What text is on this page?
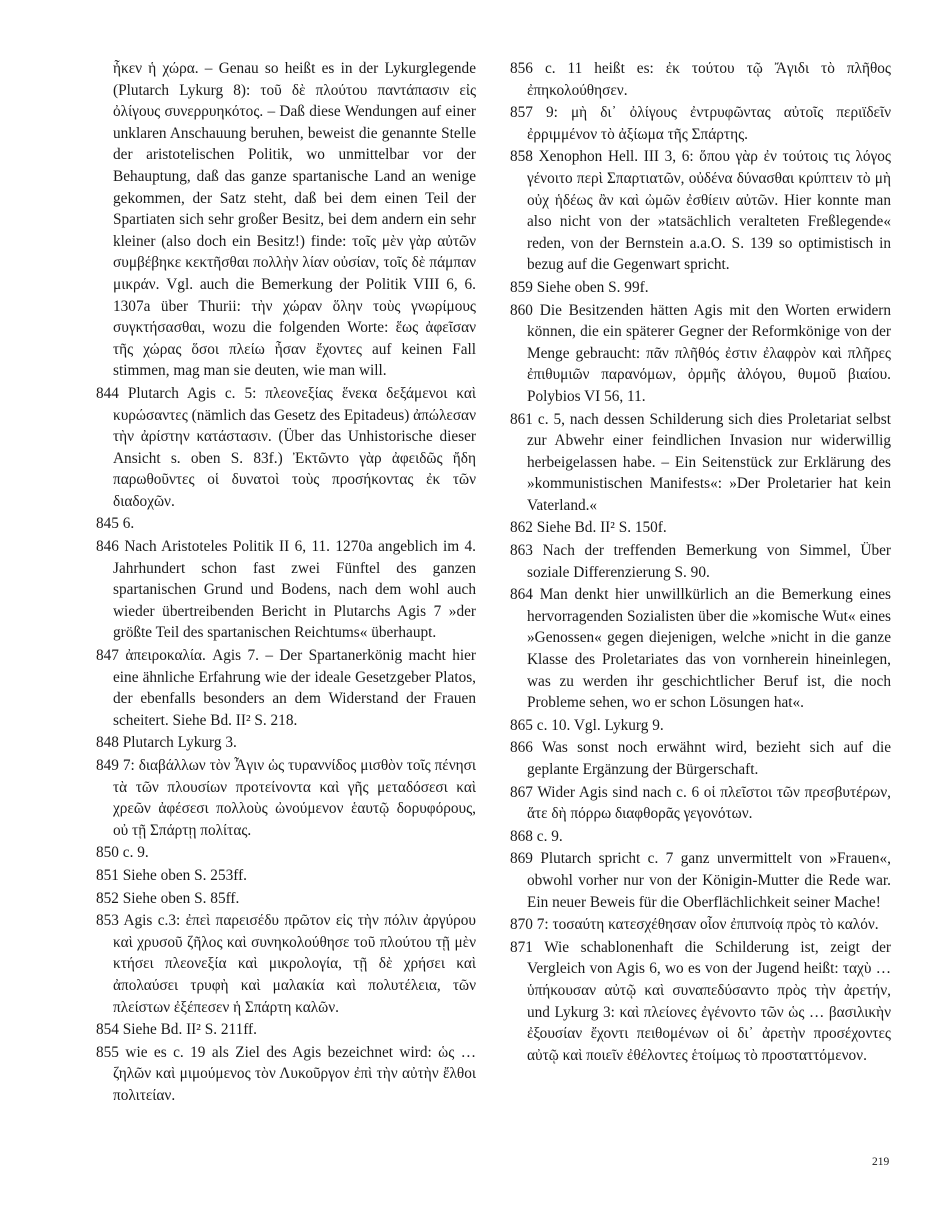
ἧκεν ἡ χώρα. – Genau so heißt es in der Lykurglegende (Plutarch Lykurg 8): τοῦ δὲ πλούτου παντάπασιν εἰς ὀλίγους συνερρυηκότος. – Daß diese Wendungen auf einer unklaren Anschauung beruhen, beweist die genannte Stelle der aristotelischen Politik, wo unmittelbar vor der Behauptung, daß das ganze spartanische Land an wenige gekommen, der Satz steht, daß bei dem einen Teil der Spartiaten sich sehr großer Besitz, bei dem andern ein sehr kleiner (also doch ein Besitz!) finde: τοῖς μὲν γὰρ αὐτῶν συμβέβηκε κεκτῆσθαι πολλὴν λίαν οὐσίαν, τοῖς δὲ πάμπαν μικράν. Vgl. auch die Bemerkung der Politik VIII 6, 6. 1307a über Thurii: τὴν χώραν ὅλην τοὺς γνωρίμους συγκτήσασθαι, wozu die folgenden Worte: ἕως ἀφεῖσαν τῆς χώρας ὅσοι πλείω ἦσαν ἔχοντες auf keinen Fall stimmen, mag man sie deuten, wie man will.

844 Plutarch Agis c. 5: πλεονεξίας ἕνεκα δεξάμενοι καὶ κυρώσαντες (nämlich das Gesetz des Epitadeus) ἀπώλεσαν τὴν ἀρίστην κατάστασιν. (Über das Unhistorische dieser Ansicht s. oben S. 83f.) Ἐκτῶντο γὰρ ἀφειδῶς ἤδη παρωθοῦντες οἱ δυνατοὶ τοὺς προσήκοντας ἐκ τῶν διαδοχῶν.

845 6.

846 Nach Aristoteles Politik II 6, 11. 1270a angeblich im 4. Jahrhundert schon fast zwei Fünftel des ganzen spartanischen Grund und Bodens, nach dem wohl auch wieder übertreibenden Bericht in Plutarchs Agis 7 »der größte Teil des spartanischen Reichtums« überhaupt.

847 ἀπειροκαλία. Agis 7. – Der Spartanerkönig macht hier eine ähnliche Erfahrung wie der ideale Gesetzgeber Platos, der ebenfalls besonders an dem Widerstand der Frauen scheitert. Siehe Bd. II² S. 218.

848 Plutarch Lykurg 3.

849 7: διαβάλλων τὸν Ἆγιν ὡς τυραννίδος μισθὸν τοῖς πένησι τὰ τῶν πλουσίων προτείνοντα καὶ γῆς μεταδόσεσι καὶ χρεῶν ἀφέσεσι πολλοὺς ὠνούμενον ἑαυτῷ δορυφόρους, οὐ τῇ Σπάρτῃ πολίτας.

850 c. 9.

851 Siehe oben S. 253ff.

852 Siehe oben S. 85ff.

853 Agis c.3: ἐπεὶ παρεισέδυ πρῶτον εἰς τὴν πόλιν ἀργύρου καὶ χρυσοῦ ζῆλος καὶ συνηκολούθησε τοῦ πλούτου τῇ μὲν κτήσει πλεονεξία καὶ μικρολογία, τῇ δὲ χρήσει καὶ ἀπολαύσει τρυφὴ καὶ μαλακία καὶ πολυτέλεια, τῶν πλείστων ἐξέπεσεν ἡ Σπάρτη καλῶν.

854 Siehe Bd. II² S. 211ff.

855 wie es c. 19 als Ziel des Agis bezeichnet wird: ὡς … ζηλῶν καὶ μιμούμενος τὸν Λυκοῦργον ἐπὶ τὴν αὐτὴν ἔλθοι πολιτείαν.

856 c. 11 heißt es: ἐκ τούτου τῷ Ἄγιδι τὸ πλῆθος ἐπηκολούθησεν.

857 9: μὴ δι᾿ ὀλίγους ἐντρυφῶντας αὐτοῖς περιϊδεῖν ἐρριμμένον τὸ ἀξίωμα τῆς Σπάρτης.

858 Xenophon Hell. III 3, 6: ὅπου γὰρ ἐν τούτοις τις λόγος γένοιτο περὶ Σπαρτιατῶν, οὐδένα δύνασθαι κρύπτειν τὸ μὴ οὐχ ἡδέως ἂν καὶ ὠμῶν ἐσθίειν αὐτῶν. Hier konnte man also nicht von der »tatsächlich veralteten Freßlegende« reden, von der Bernstein a.a.O. S. 139 so optimistisch in bezug auf die Gegenwart spricht.

859 Siehe oben S. 99f.

860 Die Besitzenden hätten Agis mit den Worten erwidern können, die ein späterer Gegner der Reformkönige von der Menge gebraucht: πᾶν πλῆθός ἐστιν ἐλαφρὸν καὶ πλῆρες ἐπιθυμιῶν παρανόμων, ὀρμῆς ἀλόγου, θυμοῦ βιαίου. Polybios VI 56, 11.

861 c. 5, nach dessen Schilderung sich dies Proletariat selbst zur Abwehr einer feindlichen Invasion nur widerwillig herbeigelassen habe. – Ein Seitenstück zur Erklärung des »kommunistischen Manifests«: »Der Proletarier hat kein Vaterland.«

862 Siehe Bd. II² S. 150f.

863 Nach der treffenden Bemerkung von Simmel, Über soziale Differenzierung S. 90.

864 Man denkt hier unwillkürlich an die Bemerkung eines hervorragenden Sozialisten über die »komische Wut« eines »Genossen« gegen diejenigen, welche »nicht in die ganze Klasse des Proletariates das von vornherein hineinlegen, was zu werden ihr geschichtlicher Beruf ist, die noch Probleme sehen, wo er schon Lösungen hat«.

865 c. 10. Vgl. Lykurg 9.

866 Was sonst noch erwähnt wird, bezieht sich auf die geplante Ergänzung der Bürgerschaft.

867 Wider Agis sind nach c. 6 οἱ πλεῖστοι τῶν πρεσβυτέρων, ἅτε δὴ πόρρω διαφθορᾶς γεγονότων.

868 c. 9.

869 Plutarch spricht c. 7 ganz unvermittelt von »Frauen«, obwohl vorher nur von der Königin-Mutter die Rede war. Ein neuer Beweis für die Oberflächlichkeit seiner Mache!

870 7: τοσαύτη κατεσχέθησαν οἷον ἐπιπνοίᾳ πρὸς τὸ καλόν.

871 Wie schablonenhaft die Schilderung ist, zeigt der Vergleich von Agis 6, wo es von der Jugend heißt: ταχὺ … ὑπήκουσαν αὐτῷ καὶ συναπεδύσαντο πρὸς τὴν ἀρετήν, und Lykurg 3: καὶ πλείονες ἐγένοντο τῶν ὡς … βασιλικὴν ἐξουσίαν ἔχοντι πειθομένων οἱ δι᾿ ἀρετὴν προσέχοντες αὐτῷ καὶ ποιεῖν ἐθέλοντες ἑτοίμως τὸ προσταττόμενον.

219
